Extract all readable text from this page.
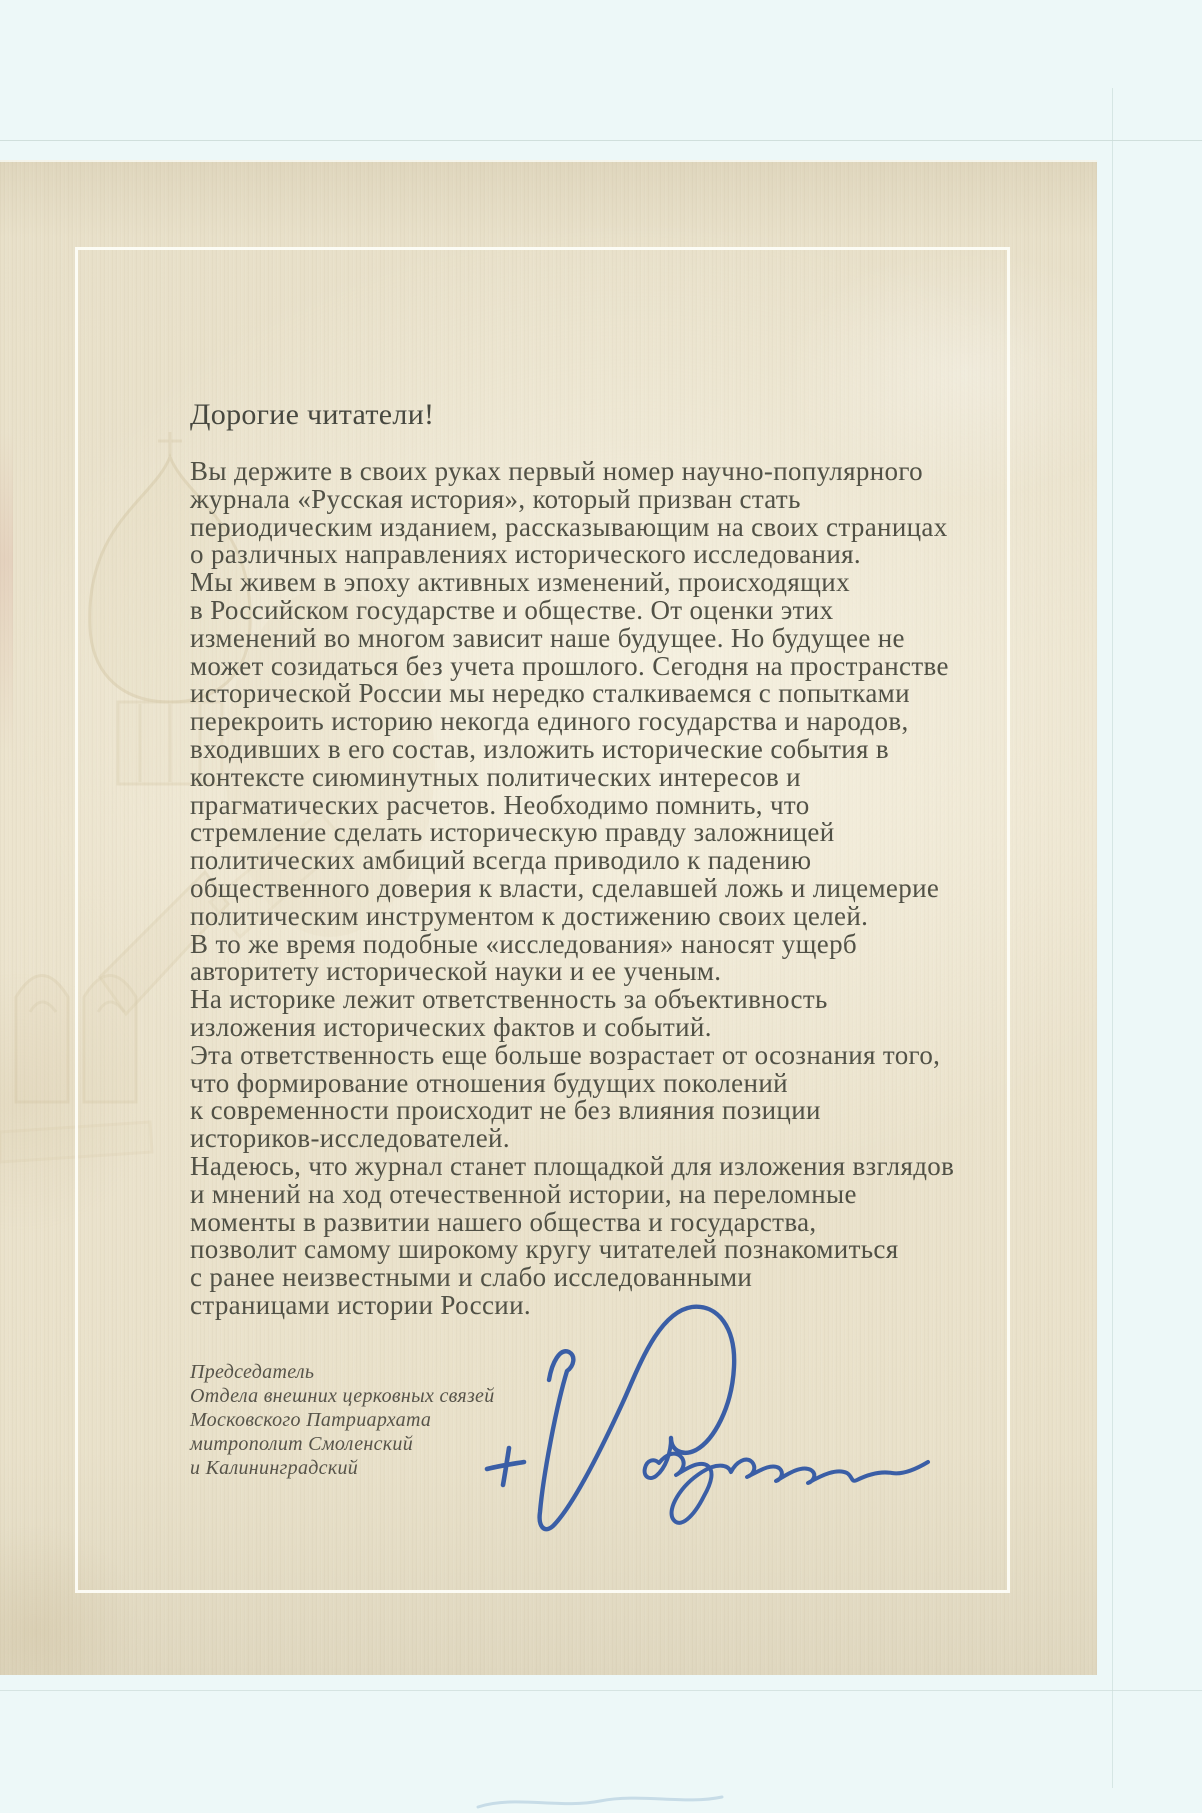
Дорогие читатели!
Вы держите в своих руках первый номер научно-популярного
журнала «Русская история», который призван стать
периодическим изданием, рассказывающим на своих страницах
о различных направлениях исторического исследования.
Мы живем в эпоху активных изменений, происходящих
в Российском государстве и обществе. От оценки этих
изменений во многом зависит наше будущее. Но будущее не
может созидаться без учета прошлого. Сегодня на пространстве
исторической России мы нередко сталкиваемся с попытками
перекроить историю некогда единого государства и народов,
входивших в его состав, изложить исторические события в
контексте сиюминутных политических интересов и
прагматических расчетов. Необходимо помнить, что
стремление сделать историческую правду заложницей
политических амбиций всегда приводило к падению
общественного доверия к власти, сделавшей ложь и лицемерие
политическим инструментом к достижению своих целей.
В то же время подобные «исследования» наносят ущерб
авторитету исторической науки и ее ученым.
На историке лежит ответственность за объективность
изложения исторических фактов и событий.
Эта ответственность еще больше возрастает от осознания того,
что формирование отношения будущих поколений
к современности происходит не без влияния позиции
историков-исследователей.
Надеюсь, что журнал станет площадкой для изложения взглядов
и мнений на ход отечественной истории, на переломные
моменты в развитии нашего общества и государства,
позволит самому широкому кругу читателей познакомиться
с ранее неизвестными и слабо исследованными
страницами истории России.
Председатель
Отдела внешних церковных связей
Московского Патриархата
митрополит Смоленский
и Калининградский
